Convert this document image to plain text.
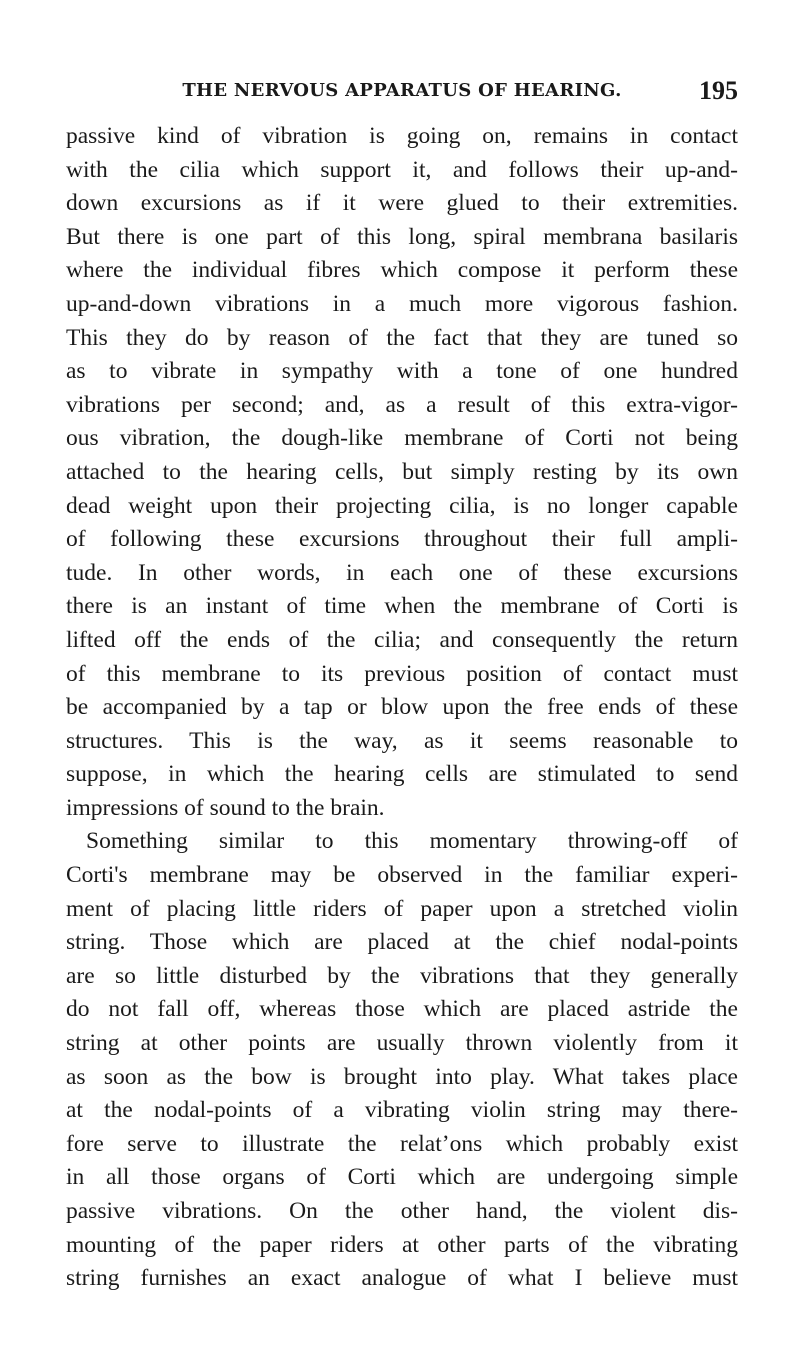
THE NERVOUS APPARATUS OF HEARING.	195
passive kind of vibration is going on, remains in contact
with the cilia which support it, and follows their up-and-
down excursions as if it were glued to their extremities.
But there is one part of this long, spiral membrana basilaris
where the individual fibres which compose it perform these
up-and-down vibrations in a much more vigorous fashion.
This they do by reason of the fact that they are tuned so
as to vibrate in sympathy with a tone of one hundred
vibrations per second; and, as a result of this extra-vigor-
ous vibration, the dough-like membrane of Corti not being
attached to the hearing cells, but simply resting by its own
dead weight upon their projecting cilia, is no longer capable
of following these excursions throughout their full ampli-
tude. In other words, in each one of these excursions
there is an instant of time when the membrane of Corti is
lifted off the ends of the cilia; and consequently the return
of this membrane to its previous position of contact must
be accompanied by a tap or blow upon the free ends of these
structures. This is the way, as it seems reasonable to
suppose, in which the hearing cells are stimulated to send
impressions of sound to the brain.
Something similar to this momentary throwing-off of
Corti's membrane may be observed in the familiar experi-
ment of placing little riders of paper upon a stretched violin
string. Those which are placed at the chief nodal-points
are so little disturbed by the vibrations that they generally
do not fall off, whereas those which are placed astride the
string at other points are usually thrown violently from it
as soon as the bow is brought into play. What takes place
at the nodal-points of a vibrating violin string may there-
fore serve to illustrate the relat’ons which probably exist
in all those organs of Corti which are undergoing simple
passive vibrations. On the other hand, the violent dis-
mounting of the paper riders at other parts of the vibrating
string furnishes an exact analogue of what I believe must
